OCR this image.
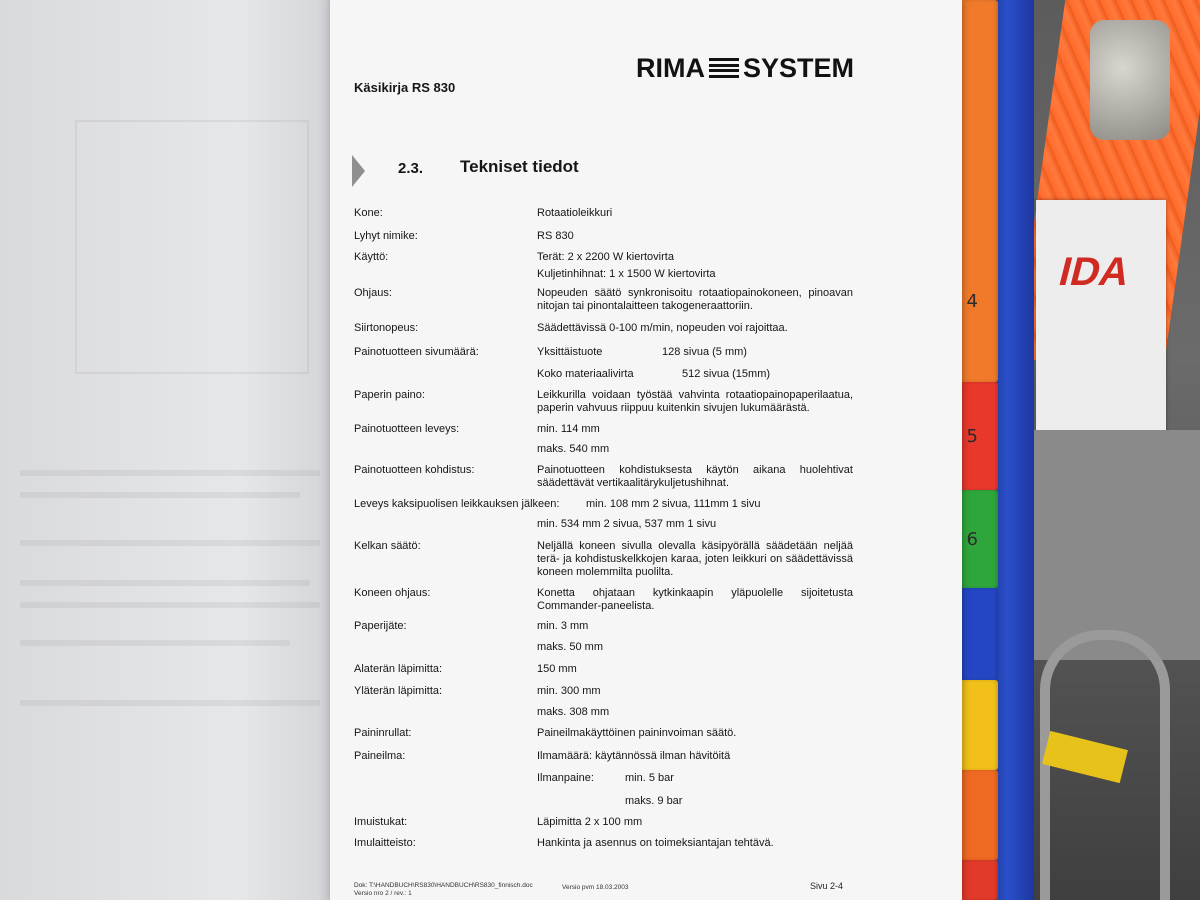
IDA
4
5
6
Käsikirja RS 830
RIMA SYSTEM
2.3. Tekniset tiedot
Kone:	Rotaatioleikkuri
Lyhyt nimike:	RS 830
Käyttö:	Terät: 2 x 2200 W kiertovirta
Kuljetinhihnat: 1 x 1500 W kiertovirta
Ohjaus:	Nopeuden säätö synkronisoitu rotaatiopainokoneen, pinoavan nitojan tai pinontalaitteen takogeneraattoriin.
Siirtonopeus:	Säädettävissä 0-100 m/min, nopeuden voi rajoittaa.
Painotuotteen sivumäärä:	Yksittäistuote	128 sivua (5 mm)
Koko materiaalivirta	512 sivua (15mm)
Paperin paino:	Leikkurilla voidaan työstää vahvinta rotaatiopainopaperilaatua, paperin vahvuus riippuu kuitenkin sivujen lukumäärästä.
Painotuotteen leveys:	min. 114 mm
maks. 540 mm
Painotuotteen kohdistus:	Painotuotteen kohdistuksesta käytön aikana huolehtivat säädettävät vertikaalitärykuljetushihnat.
Leveys kaksipuolisen leikkauksen jälkeen: min. 108 mm 2 sivua, 111mm 1 sivu
min. 534 mm 2 sivua, 537 mm 1 sivu
Kelkan säätö:	Neljällä koneen sivulla olevalla käsipyörällä säädetään neljää terä- ja kohdistuskelkkojen karaa, joten leikkuri on säädettävissä koneen molemmilta puolilta.
Koneen ohjaus:	Konetta ohjataan kytkinkaapin yläpuolelle sijoitetusta Commander-paneelista.
Paperijäte:	min. 3 mm
maks. 50 mm
Alaterän läpimitta:	150 mm
Yläterän läpimitta:	min. 300 mm
maks. 308 mm
Paininrullat:	Paineilmakäyttöinen paininvoiman säätö.
Paineilma:	Ilmamäärä: käytännössä ilman hävitöitä
Ilmanpaine:	min. 5 bar
maks. 9 bar
Imuistukat:	Läpimitta 2 x 100 mm
Imulaitteisto:	Hankinta ja asennus on toimeksiantajan tehtävä.
Dok: T:\HANDBUCH\RS830\HANDBUCH\RS830_finnisch.doc
Versio nro 2 / rev.: 1
Versio pvm 18.03.2003	Sivu 2-4
